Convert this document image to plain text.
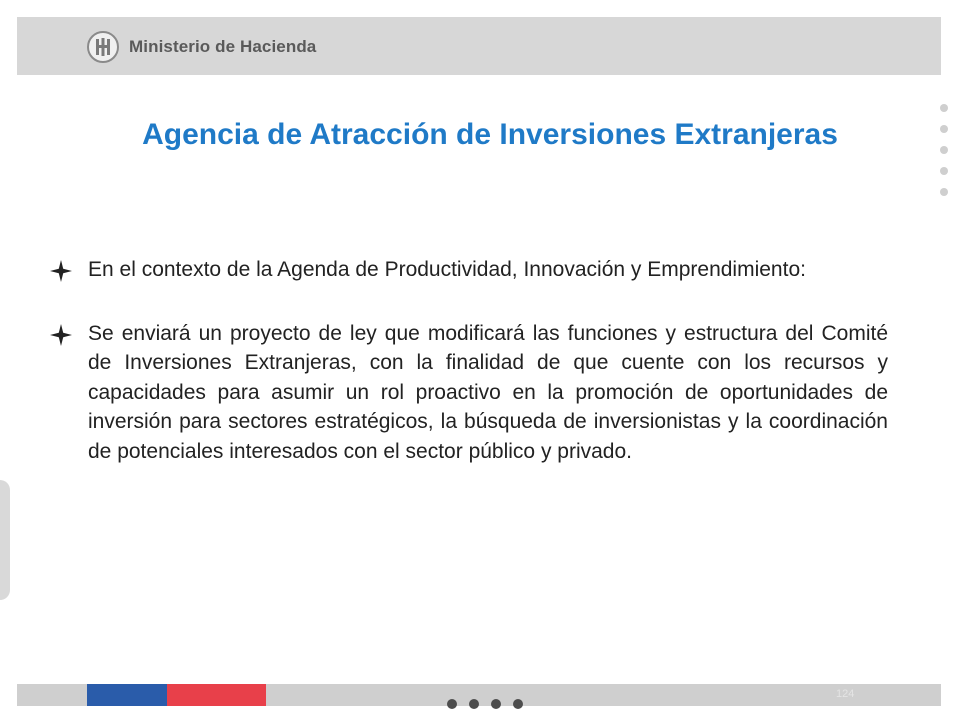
Ministerio de Hacienda
Agencia de Atracción de Inversiones Extranjeras
En el contexto de la Agenda de Productividad, Innovación y Emprendimiento:
Se enviará un proyecto de ley que modificará las funciones y estructura del Comité de Inversiones Extranjeras, con la finalidad de que cuente con los recursos y capacidades para asumir un rol proactivo en la promoción de oportunidades de inversión para sectores estratégicos, la búsqueda de inversionistas y la coordinación de potenciales interesados con el sector público y privado.
124
